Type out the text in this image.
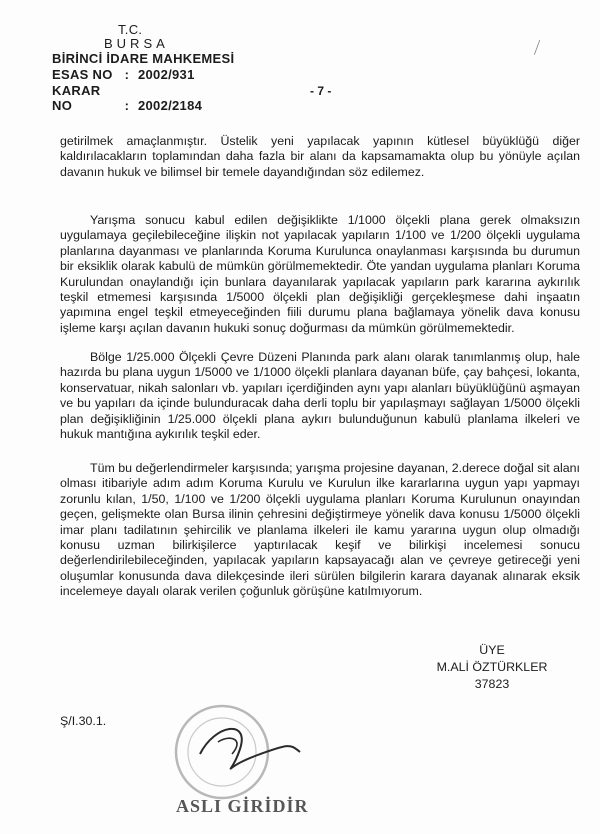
T.C.
BURSA
BİRİNCİ İDARE MAHKEMESİ
ESAS NO : 2002/931
KARAR NO	: 2002/2184
- 7 -
⟋
getirilmek amaçlanmıştır. Üstelik yeni yapılacak yapının kütlesel büyüklüğü diğer kaldırılacakların toplamından daha fazla bir alanı da kapsamamakta olup bu yönüyle açılan davanın hukuk ve bilimsel bir temele dayandığından söz edilemez.
Yarışma sonucu kabul edilen değişiklikte 1/1000 ölçekli plana gerek olmaksızın uygulamaya geçilebileceğine ilişkin not yapılacak yapıların 1/100 ve 1/200 ölçekli uygulama planlarına dayanması ve planlarında Koruma Kurulunca onaylanması karşısında bu durumun bir eksiklik olarak kabulü de mümkün görülmemektedir. Öte yandan uygulama planları Koruma Kurulundan onaylandığı için bunlara dayanılarak yapılacak yapıların park kararına aykırılık teşkil etmemesi karşısında 1/5000 ölçekli plan değişikliği gerçekleşmese dahi inşaatın yapımına engel teşkil etmeyeceğinden fiili durumu plana bağlamaya yönelik dava konusu işleme karşı açılan davanın hukuki sonuç doğurması da mümkün görülmemektedir.
Bölge 1/25.000 Ölçekli Çevre Düzeni Planında park alanı olarak tanımlanmış olup, hale hazırda bu plana uygun 1/5000 ve 1/1000 ölçekli planlara dayanan büfe, çay bahçesi, lokanta, konservatuar, nikah salonları vb. yapıları içerdiğinden aynı yapı alanları büyüklüğünü aşmayan ve bu yapıları da içinde bulunduracak daha derli toplu bir yapılaşmayı sağlayan 1/5000 ölçekli plan değişikliğinin 1/25.000 ölçekli plana aykırı bulunduğunun kabulü planlama ilkeleri ve hukuk mantığına aykırılık teşkil eder.
Tüm bu değerlendirmeler karşısında; yarışma projesine dayanan, 2.derece doğal sit alanı olması itibariyle adım adım Koruma Kurulu ve Kurulun ilke kararlarına uygun yapı yapmayı zorunlu kılan, 1/50, 1/100 ve 1/200 ölçekli uygulama planları Koruma Kurulunun onayından geçen, gelişmekte olan Bursa ilinin çehresini değiştirmeye yönelik dava konusu 1/5000 ölçekli imar planı tadilatının şehircilik ve planlama ilkeleri ile kamu yararına uygun olup olmadığı konusu uzman bilirkişilerce yaptırılacak keşif ve bilirkişi incelemesi sonucu değerlendirilebileceğinden, yapılacak yapıların kapsayacağı alan ve çevreye getireceği yeni oluşumlar konusunda dava dilekçesinde ileri sürülen bilgilerin karara dayanak alınarak eksik incelemeye dayalı olarak verilen çoğunluk görüşüne katılmıyorum.
ÜYE
M.ALİ ÖZTÜRKLER
37823
Ş/I.30.1.
ASLI GİRİDİR
